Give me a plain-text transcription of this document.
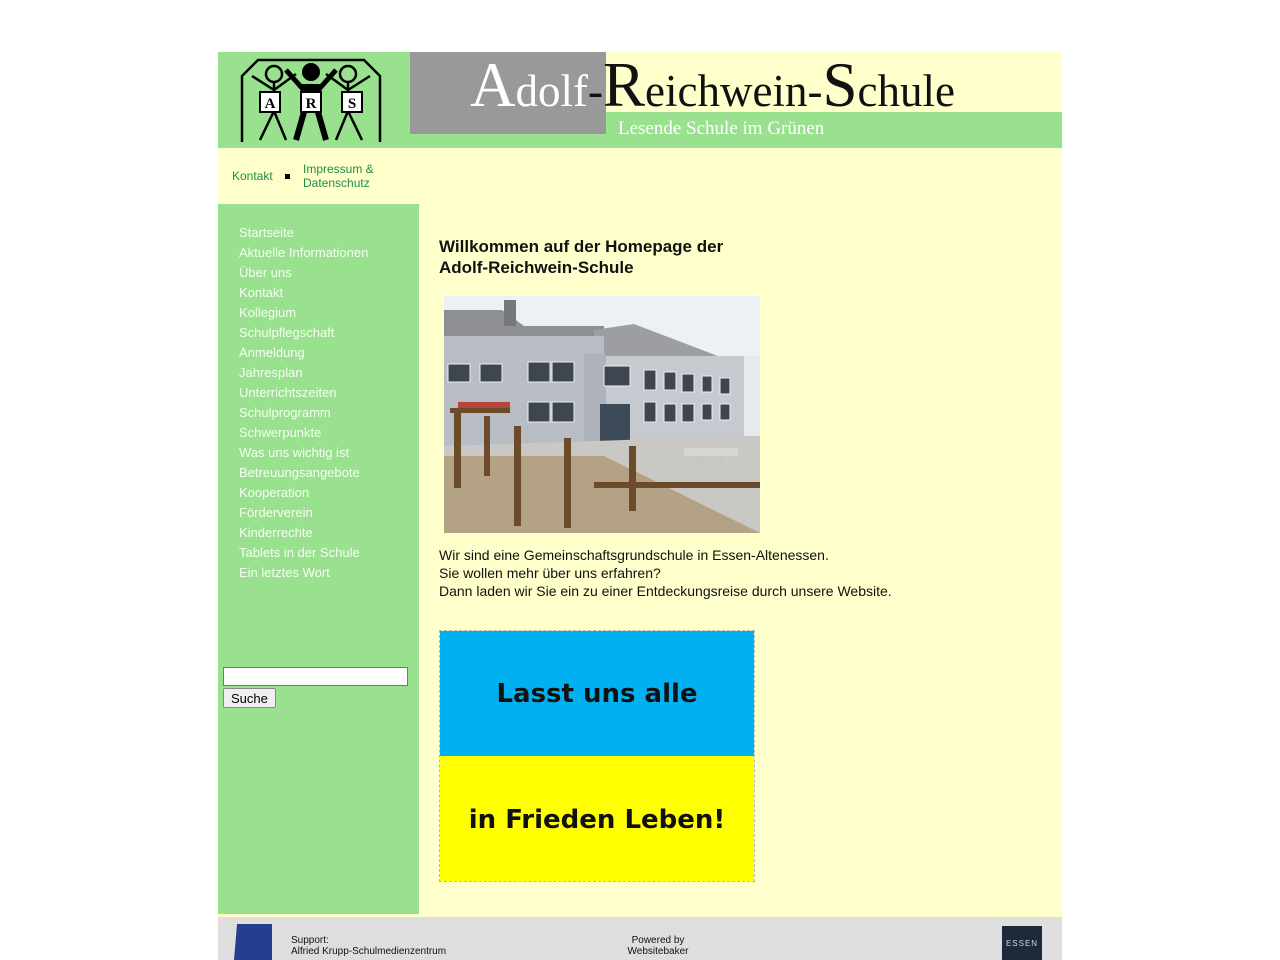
A R S Adolf-Reichwein-Schule
Lesende Schule im Grünen
Kontakt	Impressum & Datenschutz
Startseite
Aktuelle Informationen
Über uns
Kontakt
Kollegium
Schulpflegschaft
Anmeldung
Jahresplan
Unterrichtszeiten
Schulprogramm
Schwerpunkte
Was uns wichtig ist
Betreuungsangebote
Kooperation
Förderverein
Kinderrechte
Tablets in der Schule
Ein letztes Wort
Suche
Willkommen auf der Homepage der
Adolf-Reichwein-Schule
Wir sind eine Gemeinschaftsgrundschule in Essen-Altenessen.
Sie wollen mehr über uns erfahren?
Dann laden wir Sie ein zu einer Entdeckungsreise durch unsere Website.
Lasst uns alle
in Frieden Leben!
Support:
Alfried Krupp-Schulmedienzentrum
Powered by
Websitebaker
ESSEN
